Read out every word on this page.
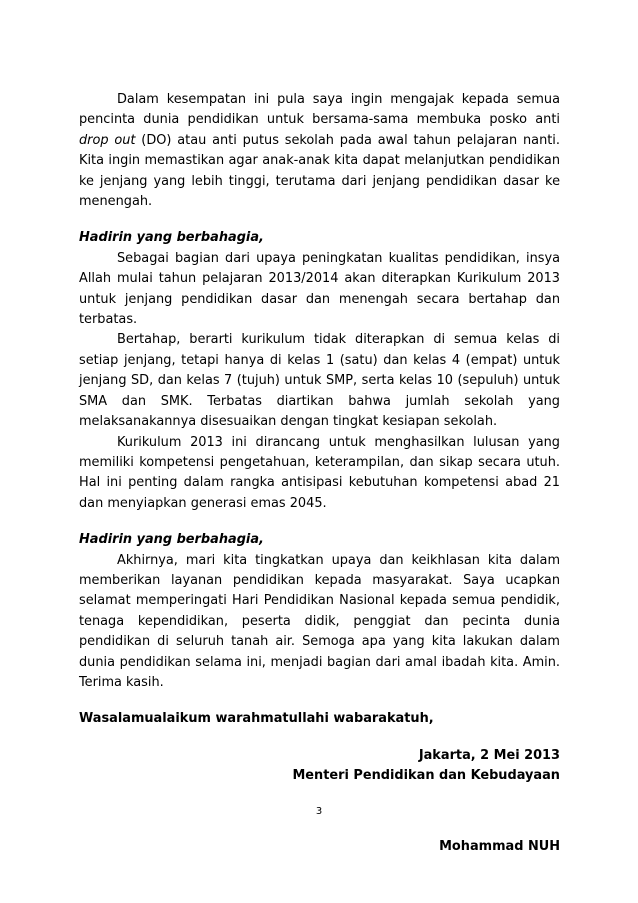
Dalam kesempatan ini pula saya ingin mengajak kepada semua pencinta dunia pendidikan untuk bersama-sama membuka posko anti drop out (DO) atau anti putus sekolah pada awal tahun pelajaran nanti. Kita ingin memastikan agar anak-anak kita dapat melanjutkan pendidikan ke jenjang yang lebih tinggi, terutama dari jenjang pendidikan dasar ke menengah.

Hadirin yang berbahagia,

Sebagai bagian dari upaya peningkatan kualitas pendidikan, insya Allah mulai tahun pelajaran 2013/2014 akan diterapkan Kurikulum 2013 untuk jenjang pendidikan dasar dan menengah secara bertahap dan terbatas.

Bertahap, berarti kurikulum tidak diterapkan di semua kelas di setiap jenjang, tetapi hanya di kelas 1 (satu) dan kelas 4 (empat) untuk jenjang SD, dan kelas 7 (tujuh) untuk SMP, serta kelas 10 (sepuluh) untuk SMA dan SMK. Terbatas diartikan bahwa jumlah sekolah yang melaksanakannya disesuaikan dengan tingkat kesiapan sekolah.

Kurikulum 2013 ini dirancang untuk menghasilkan lulusan yang memiliki kompetensi pengetahuan, keterampilan, dan sikap secara utuh. Hal ini penting dalam rangka antisipasi kebutuhan kompetensi abad 21 dan menyiapkan generasi emas 2045.

Hadirin yang berbahagia,

Akhirnya, mari kita tingkatkan upaya dan keikhlasan kita dalam memberikan layanan pendidikan kepada masyarakat. Saya ucapkan selamat memperingati Hari Pendidikan Nasional kepada semua pendidik, tenaga kependidikan, peserta didik, penggiat dan pecinta dunia pendidikan di seluruh tanah air. Semoga apa yang kita lakukan dalam dunia pendidikan selama ini, menjadi bagian dari amal ibadah kita. Amin. Terima kasih.

Wasalamualaikum warahmatullahi wabarakatuh,

Jakarta, 2 Mei 2013

Menteri Pendidikan dan Kebudayaan

Mohammad NUH

3
